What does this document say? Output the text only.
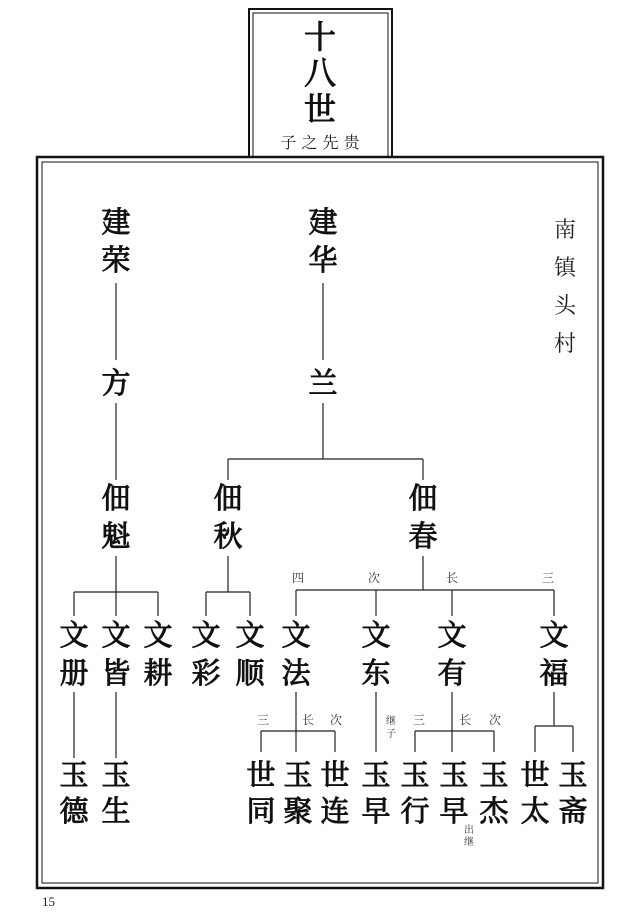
十
八
世
子 之 先 贵
南
镇
头
村
建
荣
建
华
方	兰
佃
魁
佃
秋
佃
春
四	次	长	三
文
册
文
皆
文
耕
文
彩
文
顺
文
法
文
东
文
有
文
福
三	长 次	三	长 次
继
子
玉
德
玉
生
世
同
玉
聚
世
连
玉
早
玉
行
玉
早
玉
杰
世
太
玉
斋
出
继
15
